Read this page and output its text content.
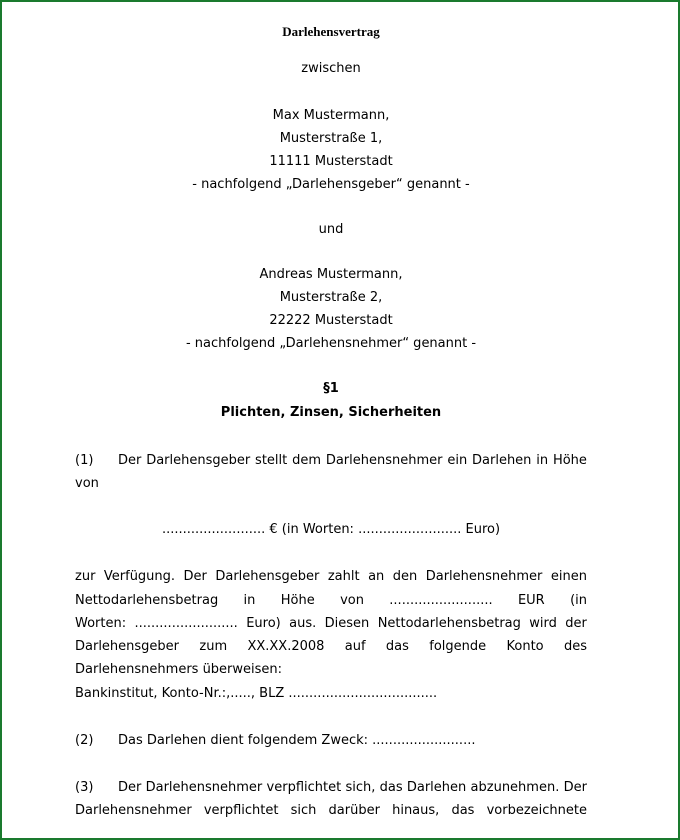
Darlehensvertrag
zwischen
Max Mustermann,
Musterstraße 1,
11111 Musterstadt
- nachfolgend „Darlehensgeber“ genannt -
und
Andreas Mustermann,
Musterstraße 2,
22222 Musterstadt
- nachfolgend „Darlehensnehmer“ genannt -
§1
Plichten, Zinsen, Sicherheiten
(1) Der Darlehensgeber stellt dem Darlehensnehmer ein Darlehen in Höhe
von
......................... € (in Worten: ......................... Euro)
zur Verfügung. Der Darlehensgeber zahlt an den Darlehensnehmer einen
Nettodarlehensbetrag in Höhe von ......................... EUR (in
Worten: ......................... Euro) aus. Diesen Nettodarlehensbetrag wird der
Darlehensgeber zum XX.XX.2008 auf das folgende Konto des
Darlehensnehmers überweisen:
Bankinstitut, Konto-Nr.:,....., BLZ ....................................
(2) Das Darlehen dient folgendem Zweck: .........................
(3) Der Darlehensnehmer verpflichtet sich, das Darlehen abzunehmen. Der
Darlehensnehmer verpflichtet sich darüber hinaus, das vorbezeichnete
